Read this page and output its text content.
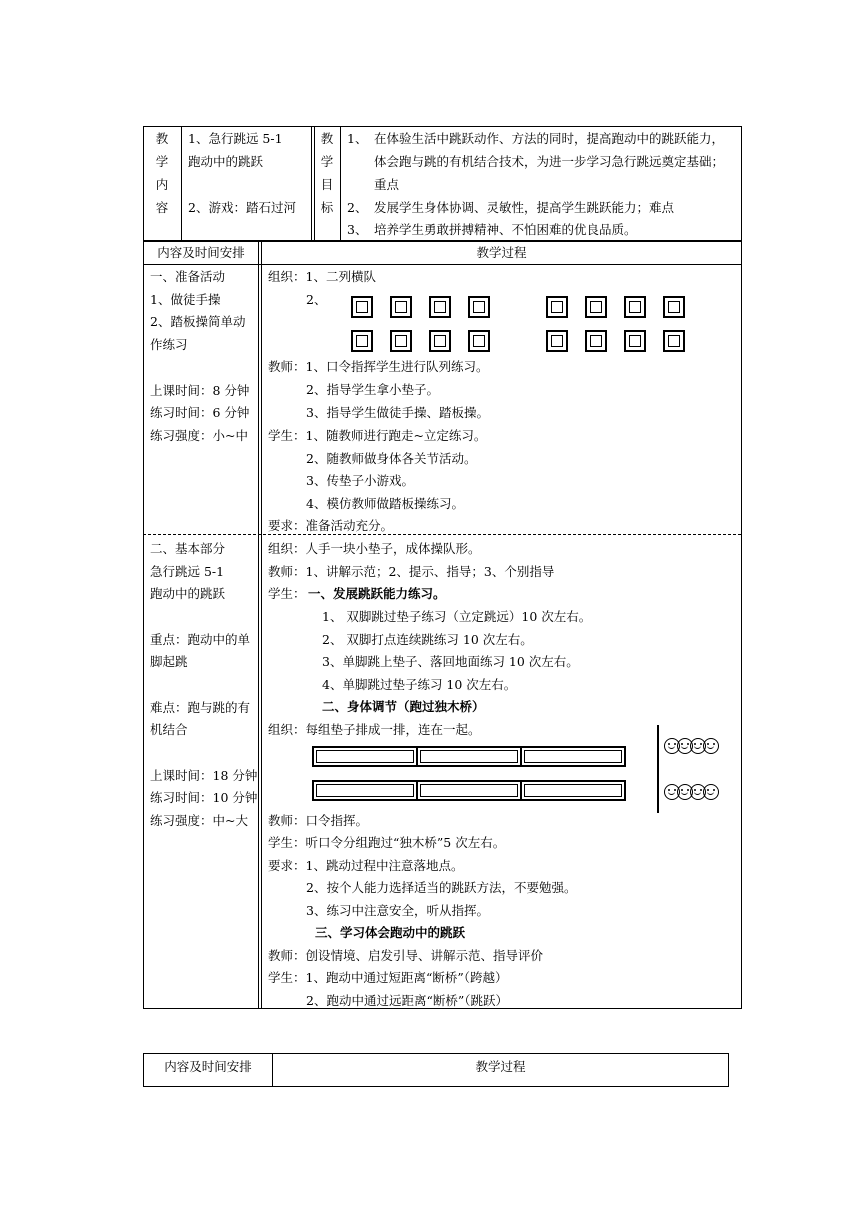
教
学
内
容
1、急行跳远 5-1
跑动中的跳跃
2、游戏：踏石过河
教
学
目
标
1、 在体验生活中跳跃动作、方法的同时，提高跑动中的跳跃能力，
体会跑与跳的有机结合技术，为进一步学习急行跳远奠定基础；
重点
2、 发展学生身体协调、灵敏性，提高学生跳跃能力；难点
3、 培养学生勇敢拼搏精神、不怕困难的优良品质。
内容及时间安排	教学过程
一、准备活动
1、做徒手操
2、踏板操简单动
作练习
上课时间：8 分钟
练习时间：6 分钟
练习强度：小~中
组织：1、二列横队
2、
教师：1、口令指挥学生进行队列练习。
2、指导学生拿小垫子。
3、指导学生做徒手操、踏板操。
学生：1、随教师进行跑走~立定练习。
2、随教师做身体各关节活动。
3、传垫子小游戏。
4、模仿教师做踏板操练习。
要求：准备活动充分。
二、基本部分
急行跳远 5-1
跑动中的跳跃
重点：跑动中的单
脚起跳
难点：跑与跳的有
机结合
上课时间：18 分钟
练习时间：10 分钟
练习强度：中~大
组织：人手一块小垫子，成体操队形。
教师：1、讲解示范；2、提示、指导；3、个别指导
学生： 一、发展跳跃能力练习。
1、 双脚跳过垫子练习（立定跳远）10 次左右。
2、 双脚打点连续跳练习 10 次左右。
3、单脚跳上垫子、落回地面练习 10 次左右。
4、单脚跳过垫子练习 10 次左右。
二、身体调节（跑过独木桥）
组织：每组垫子排成一排，连在一起。
教师：口令指挥。
学生：听口令分组跑过“独木桥”5 次左右。
要求：1、跳动过程中注意落地点。
2、按个人能力选择适当的跳跃方法，不要勉强。
3、练习中注意安全，听从指挥。
三、学习体会跑动中的跳跃
教师：创设情境、启发引导、讲解示范、指导评价
学生：1、跑动中通过短距离“断桥”（跨越）
2、跑动中通过远距离“断桥”（跳跃）
内容及时间安排	教学过程
